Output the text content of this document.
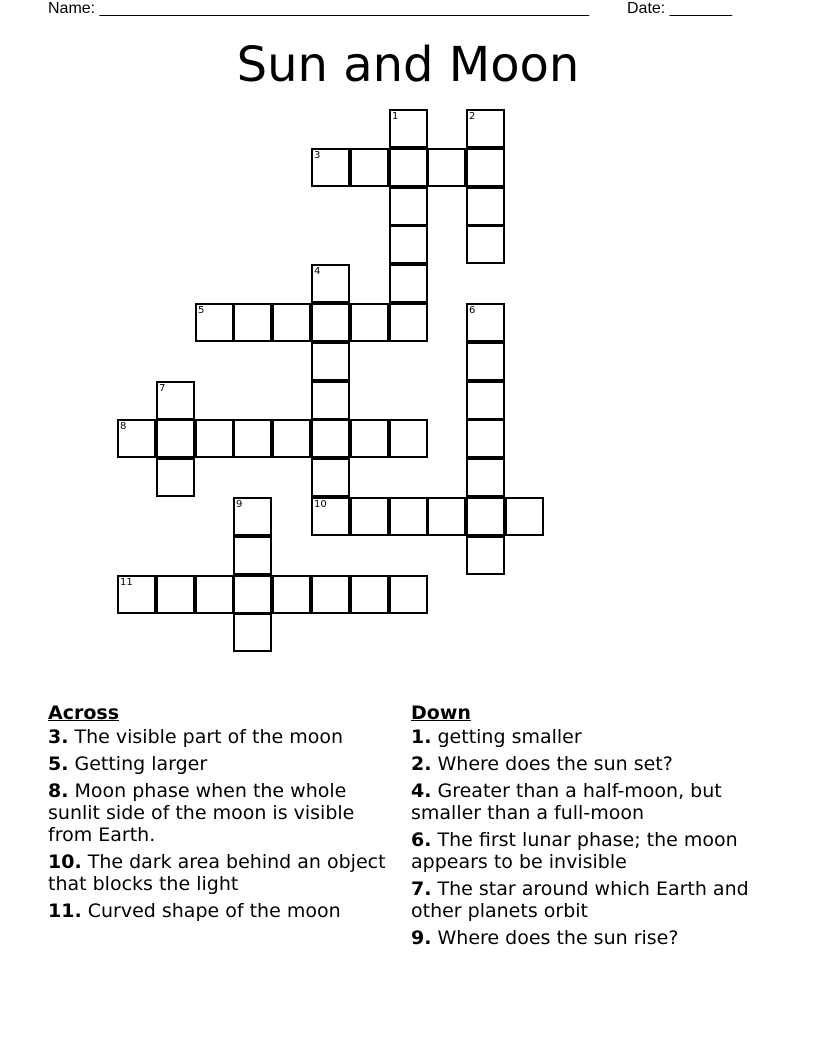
Name: _______________________________________________________ Date: _______
Sun and Moon
1	2
3
4
5	6
7
8
9	10
11
Across
3. The visible part of the moon
5. Getting larger
8. Moon phase when the whole sunlit side of the moon is visible from Earth.
10. The dark area behind an object that blocks the light
11. Curved shape of the moon
Down
1. getting smaller
2. Where does the sun set?
4. Greater than a half-moon, but smaller than a full-moon
6. The first lunar phase; the moon appears to be invisible
7. The star around which Earth and other planets orbit
9. Where does the sun rise?
